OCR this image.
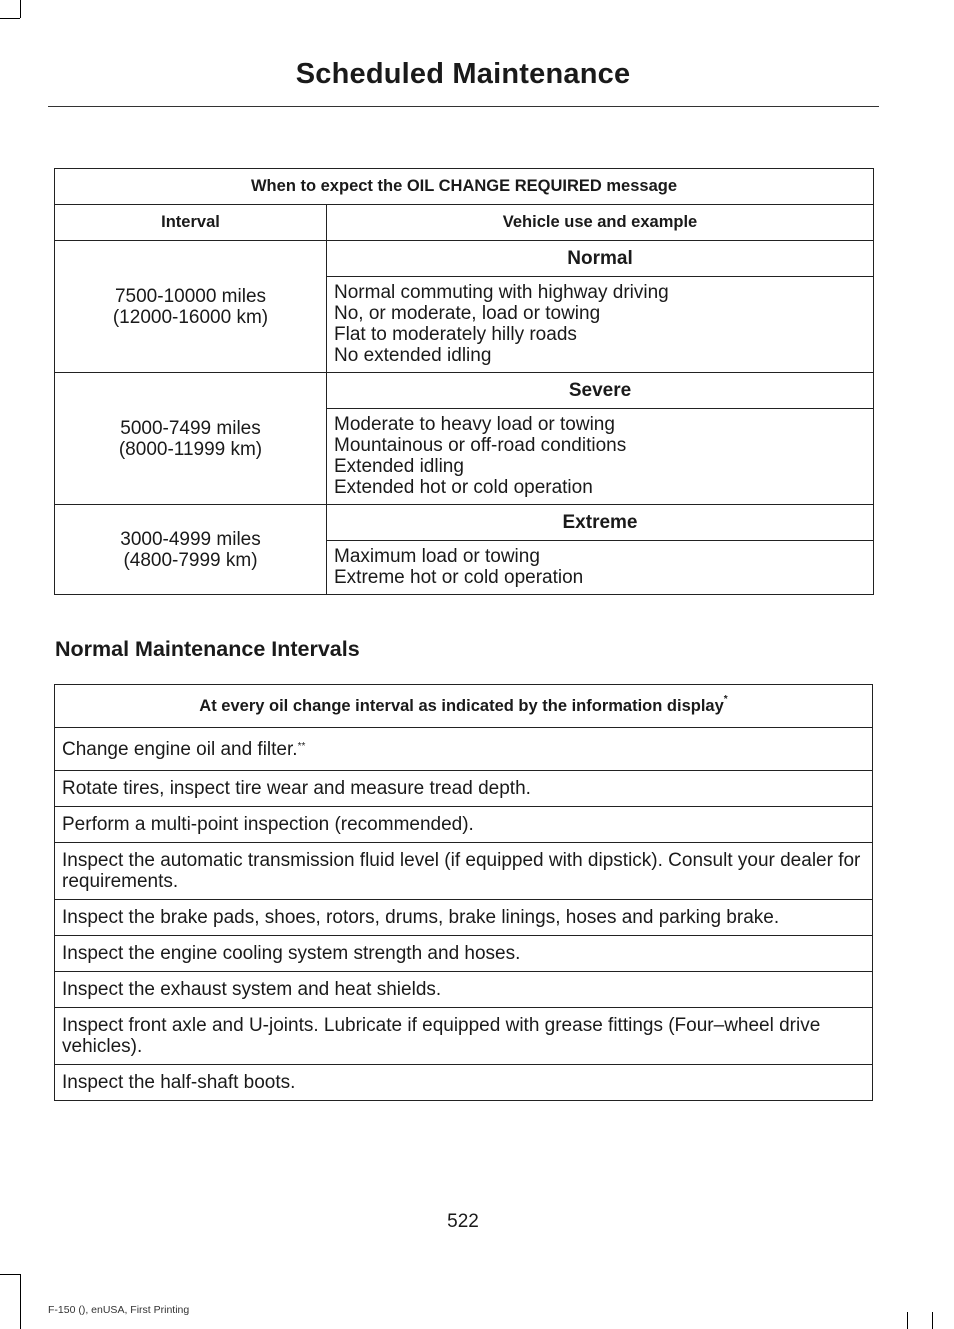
Scheduled Maintenance
When to expect the OIL CHANGE REQUIRED message	
Interval	Vehicle use and example

7500-10000 miles
(12000-16000 km)	Normal

	Normal commuting with highway driving
No, or moderate, load or towing
Flat to moderately hilly roads
No extended idling

5000-7499 miles
(8000-11999 km)	Severe

	Moderate to heavy load or towing
Mountainous or off-road conditions
Extended idling
Extended hot or cold operation

3000-4999 miles
(4800-7999 km)	Extreme

	Maximum load or towing
Extreme hot or cold operation
Normal Maintenance Intervals
At every oil change interval as indicated by the information display*
Change engine oil and filter.**
Rotate tires, inspect tire wear and measure tread depth.
Perform a multi-point inspection (recommended).
Inspect the automatic transmission fluid level (if equipped with dipstick). Consult your dealer for requirements.
Inspect the brake pads, shoes, rotors, drums, brake linings, hoses and parking brake.
Inspect the engine cooling system strength and hoses.
Inspect the exhaust system and heat shields.
Inspect front axle and U-joints. Lubricate if equipped with grease fittings (Four–wheel drive vehicles).
Inspect the half-shaft boots.
522
F-150 (), enUSA, First Printing
